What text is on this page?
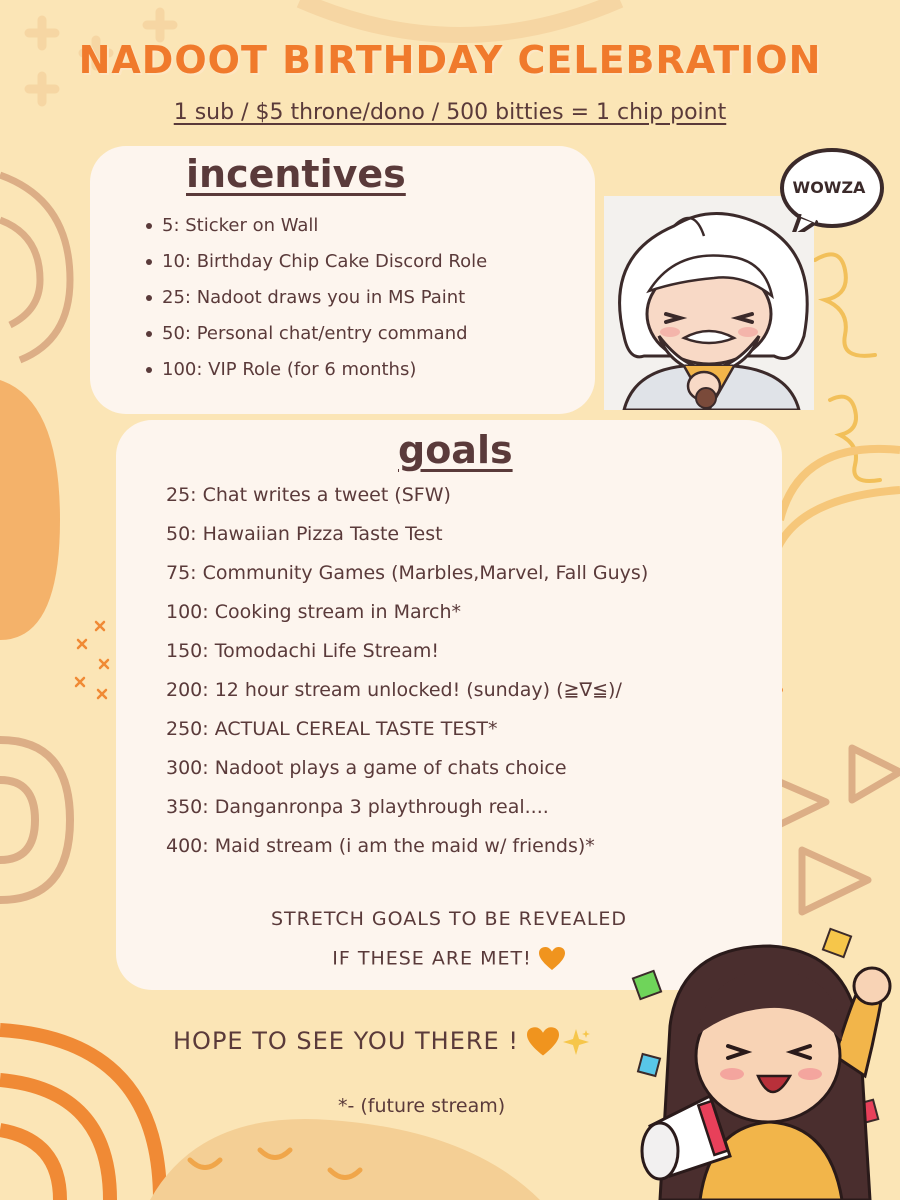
NADOOT BIRTHDAY CELEBRATION
1 sub / $5 throne/dono / 500 bitties = 1 chip point
incentives
5: Sticker on Wall
10: Birthday Chip Cake Discord Role
25: Nadoot draws you in MS Paint
50: Personal chat/entry command
100: VIP Role (for 6 months)
WOWZA
goals
25: Chat writes a tweet (SFW)
50: Hawaiian Pizza Taste Test
75: Community Games (Marbles,Marvel, Fall Guys)
100: Cooking stream in March*
150: Tomodachi Life Stream!
200: 12 hour stream unlocked! (sunday) (≧∇≦)/
250: ACTUAL CEREAL TASTE TEST*
300: Nadoot plays a game of chats choice
350: Danganronpa 3 playthrough real....
400: Maid stream (i am the maid w/ friends)*
STRETCH GOALS TO BE REVEALED
IF THESE ARE MET!
HOPE TO SEE YOU THERE !
*- (future stream)
